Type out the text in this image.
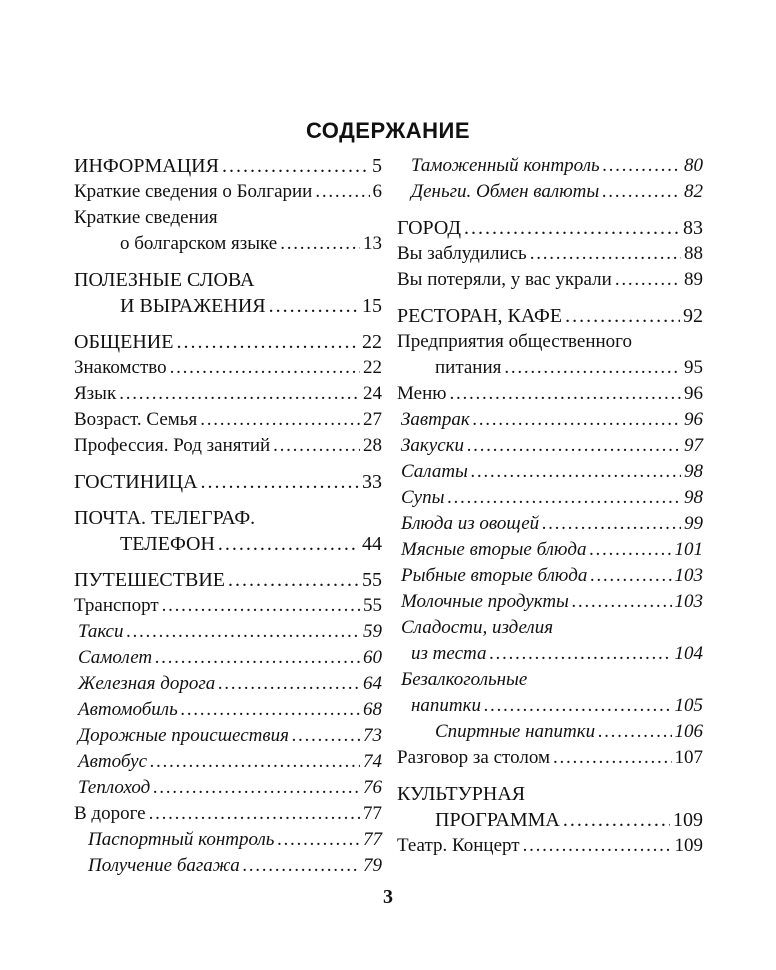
СОДЕРЖАНИЕ
ИНФОРМАЦИЯ . . .	5
Краткие сведения о Болгарии . . .	6
Краткие сведения
о болгарском языке . . .	13
ПОЛЕЗНЫЕ СЛОВА
И ВЫРАЖЕНИЯ . . .	15
ОБЩЕНИЕ . . .	22
Знакомство . . .	22
Язык . . .	24
Возраст. Семья . . .	27
Профессия. Род занятий . . .	28
ГОСТИНИЦА . . .	33
ПОЧТА. ТЕЛЕГРАФ.
ТЕЛЕФОН . . .	44
ПУТЕШЕСТВИЕ . . .	55
Транспорт . . .	55
Такси . . .	59
Самолет . . .	60
Железная дорога . . .	64
Автомобиль . . .	68
Дорожные происшествия . . .	73
Автобус . . .	74
Теплоход . . .	76
В дороге . . .	77
Паспортный контроль . . .	77
Получение багажа . . .	79
Таможенный контроль . . .	80
Деньги. Обмен валюты . . .	82
ГОРОД . . .	83
Вы заблудились . . .	88
Вы потеряли, у вас украли . . .	89
РЕСТОРАН, КАФЕ . . .	92
Предприятия общественного
питания . . .	95
Меню . . .	96
Завтрак . . .	96
Закуски . . .	97
Салаты . . .	98
Супы . . .	98
Блюда из овощей . . .	99
Мясные вторые блюда . . .	101
Рыбные вторые блюда . . .	103
Молочные продукты . . .	103
Сладости, изделия
из теста . . .	104
Безалкогольные
напитки . . .	105
Спиртные напитки . . .	106
Разговор за столом . . .	107
КУЛЬТУРНАЯ
ПРОГРАММА . . .	109
Театр. Концерт . . .	109
3
